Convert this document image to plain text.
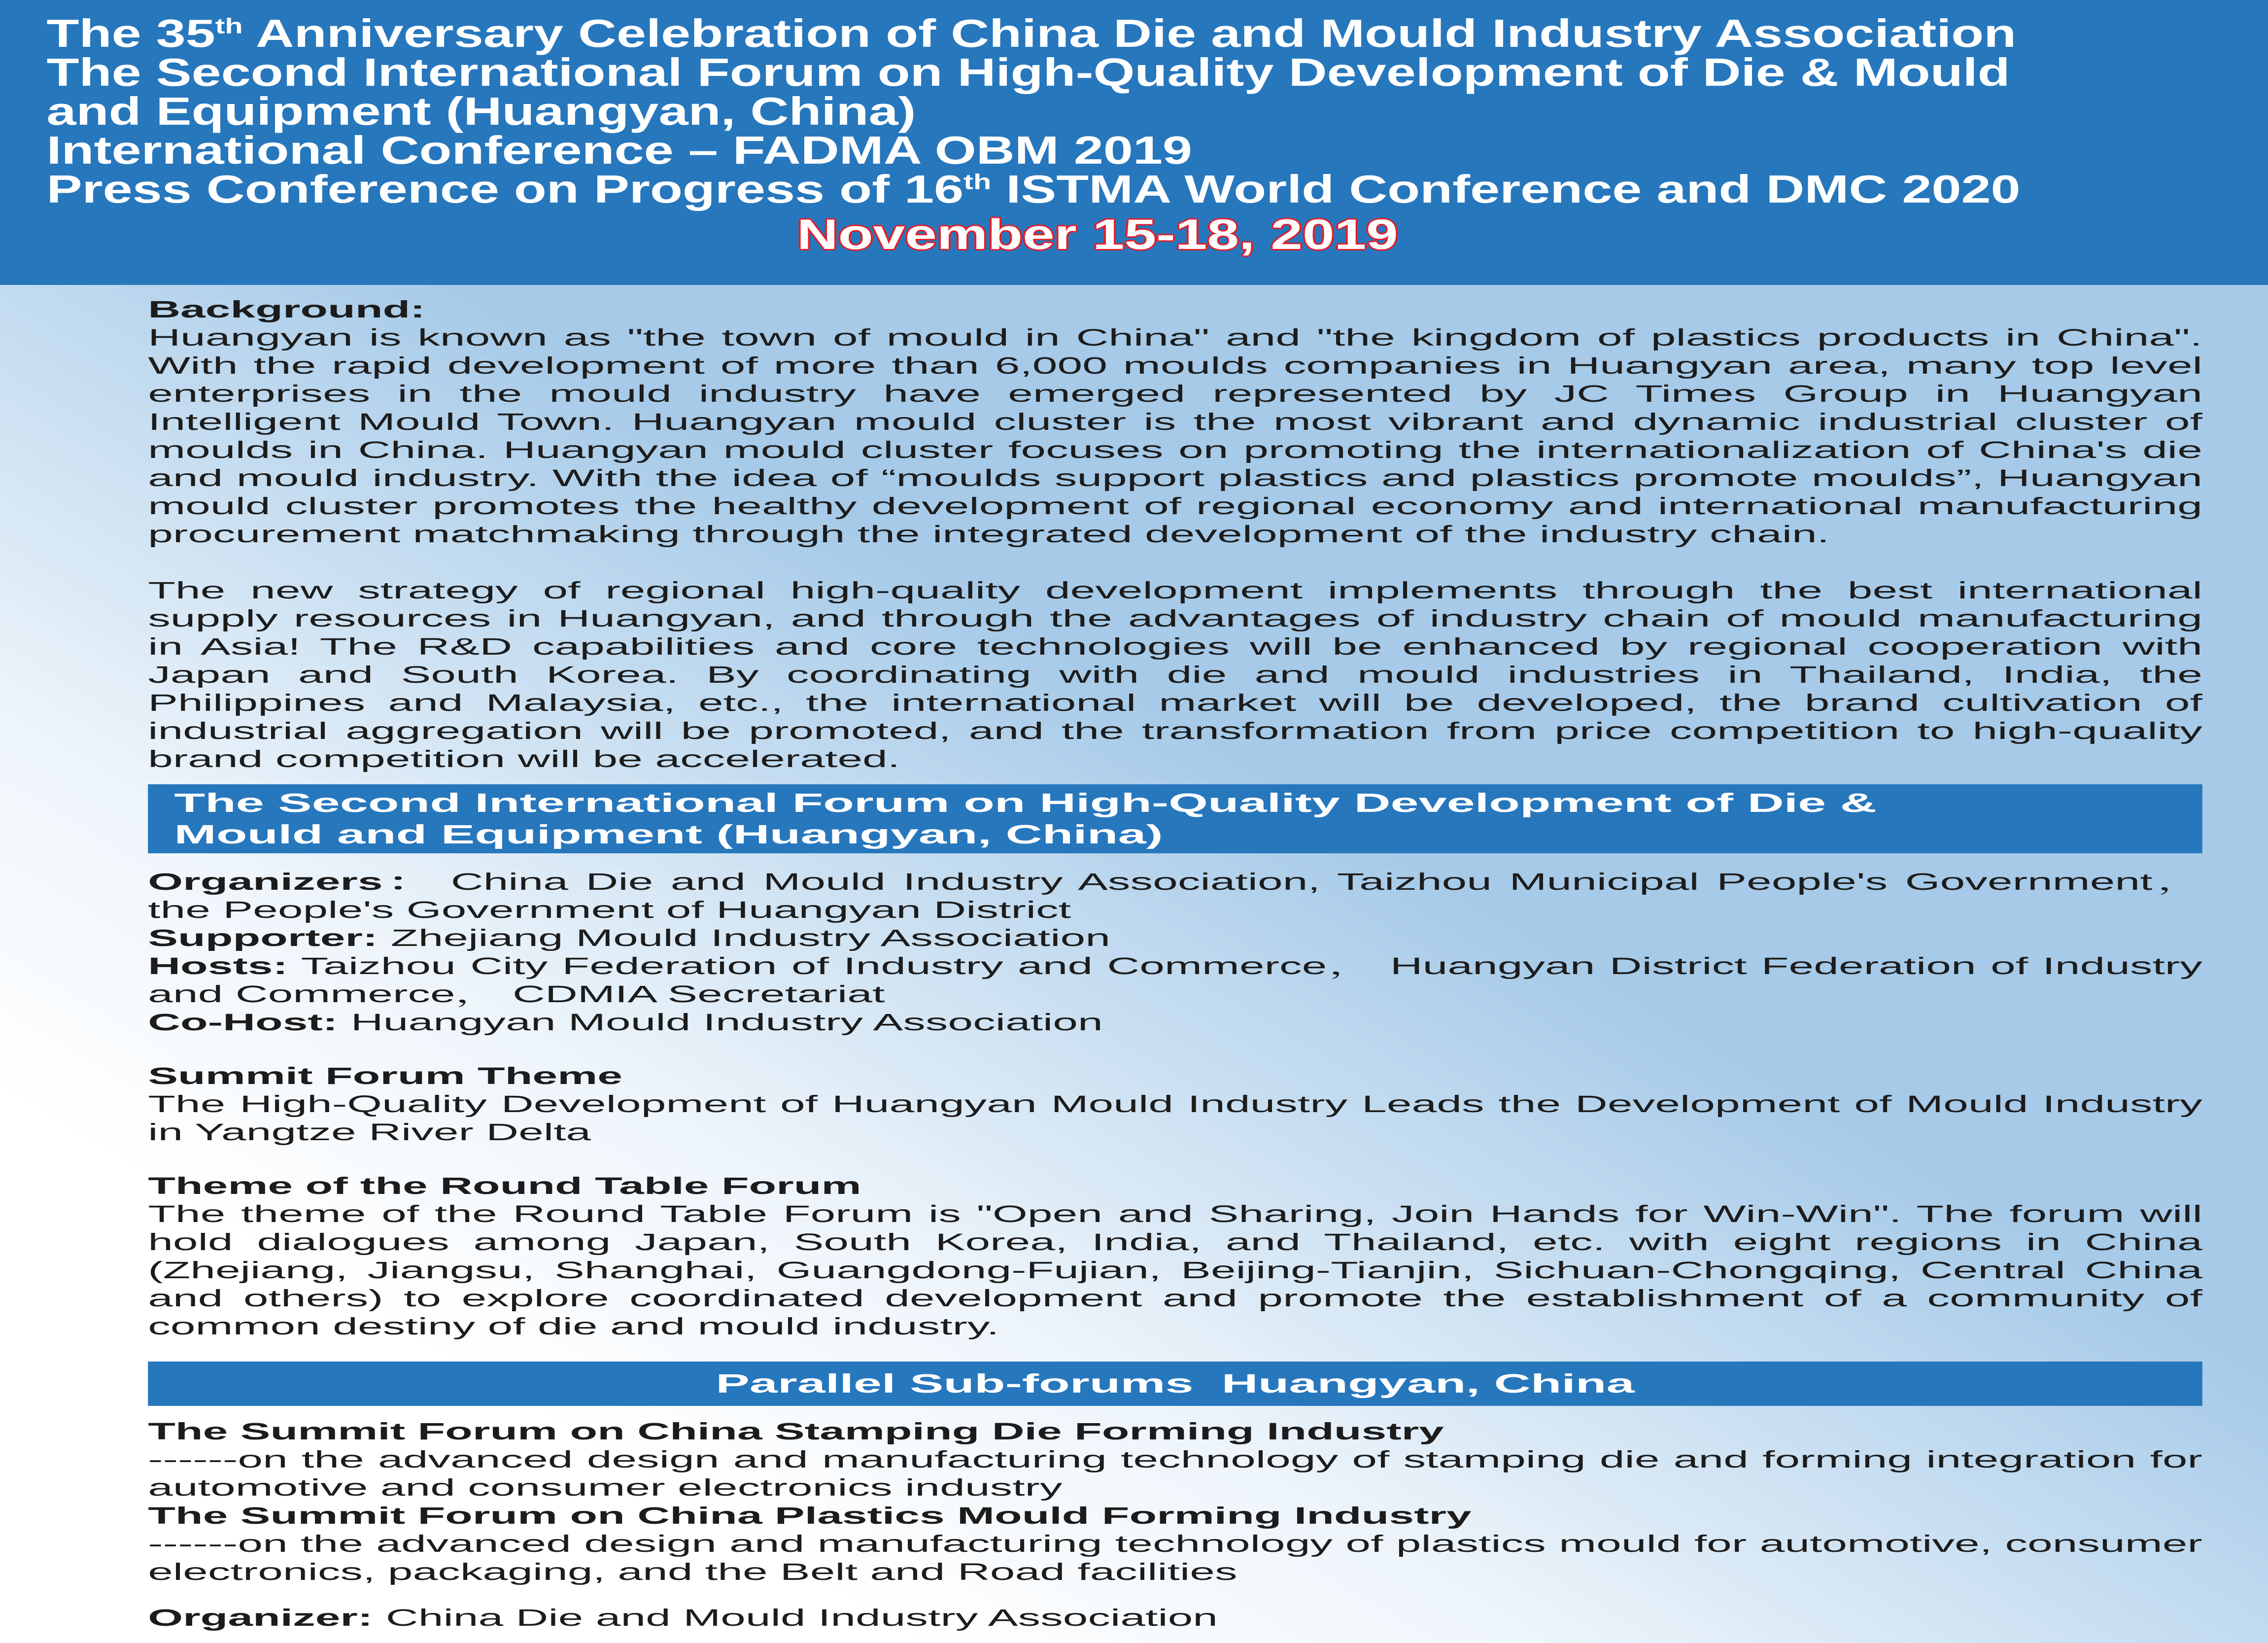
The 35th Anniversary Celebration of China Die and Mould Industry Association
The Second International Forum on High-Quality Development of Die & Mould
and Equipment (Huangyan, China)
International Conference – FADMA OBM 2019
Press Conference on Progress of 16th ISTMA World Conference and DMC 2020
November 15-18, 2019

Background:

Huangyan is known as "the town of mould in China" and "the kingdom of plastics products in China". With the rapid development of more than 6,000 moulds companies in Huangyan area, many top level enterprises in the mould industry have emerged represented by JC Times Group in Huangyan Intelligent Mould Town. Huangyan mould cluster is the most vibrant and dynamic industrial cluster of moulds in China. Huangyan mould cluster focuses on promoting the internationalization of China's die and mould industry. With the idea of “moulds support plastics and plastics promote moulds”, Huangyan mould cluster promotes the healthy development of regional economy and international manufacturing procurement matchmaking through the integrated development of the industry chain.

The new strategy of regional high-quality development implements through the best international supply resources in Huangyan, and through the advantages of industry chain of mould manufacturing in Asia! The R&D capabilities and core technologies will be enhanced by regional cooperation with Japan and South Korea. By coordinating with die and mould industries in Thailand, India, the Philippines and Malaysia, etc., the international market will be developed, the brand cultivation of industrial aggregation will be promoted, and the transformation from price competition to high-quality brand competition will be accelerated.

The Second International Forum on High-Quality Development of Die &
Mould and Equipment (Huangyan, China)

Organizers： China Die and Mould Industry Association, Taizhou Municipal People's Government，the People's Government of Huangyan District

Supporter: Zhejiang Mould Industry Association

Hosts: Taizhou City Federation of Industry and Commerce， Huangyan District Federation of Industry and Commerce， CDMIA Secretariat

Co-Host: Huangyan Mould Industry Association

Summit Forum Theme

The High-Quality Development of Huangyan Mould Industry Leads the Development of Mould Industry in Yangtze River Delta

Theme of the Round Table Forum

The theme of the Round Table Forum is "Open and Sharing, Join Hands for Win-Win". The forum will hold dialogues among Japan, South Korea, India, and Thailand, etc. with eight regions in China (Zhejiang, Jiangsu, Shanghai, Guangdong-Fujian, Beijing-Tianjin, Sichuan-Chongqing, Central China and others) to explore coordinated development and promote the establishment of a community of common destiny of die and mould industry.

Parallel Sub-forums  Huangyan, China

The Summit Forum on China Stamping Die Forming Industry

------on the advanced design and manufacturing technology of stamping die and forming integration for automotive and consumer electronics industry

The Summit Forum on China Plastics Mould Forming Industry

------on the advanced design and manufacturing technology of plastics mould for automotive, consumer electronics, packaging, and the Belt and Road facilities

Organizer: China Die and Mould Industry Association
